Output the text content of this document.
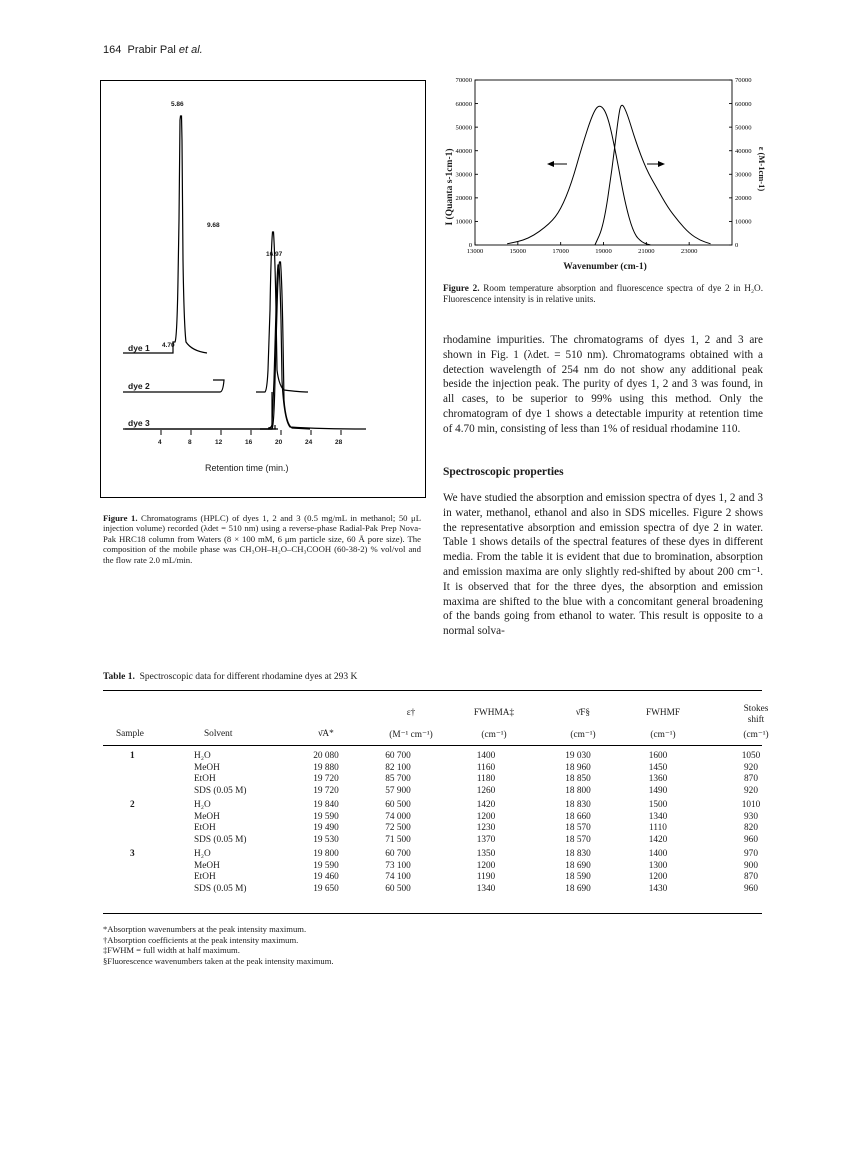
164 Prabir Pal et al.
5.86
9.68
16.97
4.70
dye 1
dye 2
dye 3
4	8	12	16	20	24	28
Retention time (min.)
Figure 1. Chromatograms (HPLC) of dyes 1, 2 and 3 (0.5 mg/mL in methanol; 50 μL injection volume) recorded (λdet = 510 nm) using a reverse-phase Radial-Pak Prep Nova-Pak HRC18 column from Waters (8 × 100 mM, 6 μm particle size, 60 Å pore size). The composition of the mobile phase was CH₃OH–H₂O–CH₃COOH (60-38-2) % vol/vol and the flow rate 2.0 mL/min.
0	0
10000	10000
20000	20000
30000	30000
40000	40000
50000	50000
60000	60000
70000	70000
13000	15000	17000	19000	21000	23000
I (Quanta s-1cm-1)	ε (M-1cm-1)
Wavenumber (cm-1)
Figure 2. Room temperature absorption and fluorescence spectra of dye 2 in H₂O. Fluorescence intensity is in relative units.
rhodamine impurities. The chromatograms of dyes 1, 2 and 3 are shown in Fig. 1 (λdet. = 510 nm). Chromatograms obtained with a detection wavelength of 254 nm do not show any additional peak beside the injection peak. The purity of dyes 1, 2 and 3 was found, in all cases, to be superior to 99% using this method. Only the chromatogram of dye 1 shows a detectable impurity at retention time of 4.70 min, consisting of less than 1% of residual rhodamine 110.
Spectroscopic properties
We have studied the absorption and emission spectra of dyes 1, 2 and 3 in water, methanol, ethanol and also in SDS micelles. Figure 2 shows the representative absorption and emission spectra of dye 2 in water. Table 1 shows details of the spectral features of these dyes in different media. From the table it is evident that due to bromination, absorption and emission maxima are only slightly red-shifted by about 200 cm⁻¹. It is observed that for the three dyes, the absorption and emission maxima are shifted to the blue with a concomitant general broadening of the bands going from ethanol to water. This result is opposite to a normal solva-
Table 1. Spectroscopic data for different rhodamine dyes at 293 K
Stokes shift
ε†	FWHMA‡	ν̄F§	FWHMF
Sample	Solvent	ν̄A*	(M⁻¹ cm⁻¹)	(cm⁻¹)	(cm⁻¹)	(cm⁻¹)	(cm⁻¹)
1	H₂O	20 080	60 700	1400	19 030	1600	1050
MeOH	19 880	82 100	1160	18 960	1450	920
EtOH	19 720	85 700	1180	18 850	1360	870
SDS (0.05 M)	19 720	57 900	1260	18 800	1490	920
2	H₂O	19 840	60 500	1420	18 830	1500	1010
MeOH	19 590	74 000	1200	18 660	1340	930
EtOH	19 490	72 500	1230	18 570	1110	820
SDS (0.05 M)	19 530	71 500	1370	18 570	1420	960
3	H₂O	19 800	60 700	1350	18 830	1400	970
MeOH	19 590	73 100	1200	18 690	1300	900
EtOH	19 460	74 100	1190	18 590	1200	870
SDS (0.05 M)	19 650	60 500	1340	18 690	1430	960
*Absorption wavenumbers at the peak intensity maximum.
†Absorption coefficients at the peak intensity maximum.
‡FWHM = full width at half maximum.
§Fluorescence wavenumbers taken at the peak intensity maximum.
